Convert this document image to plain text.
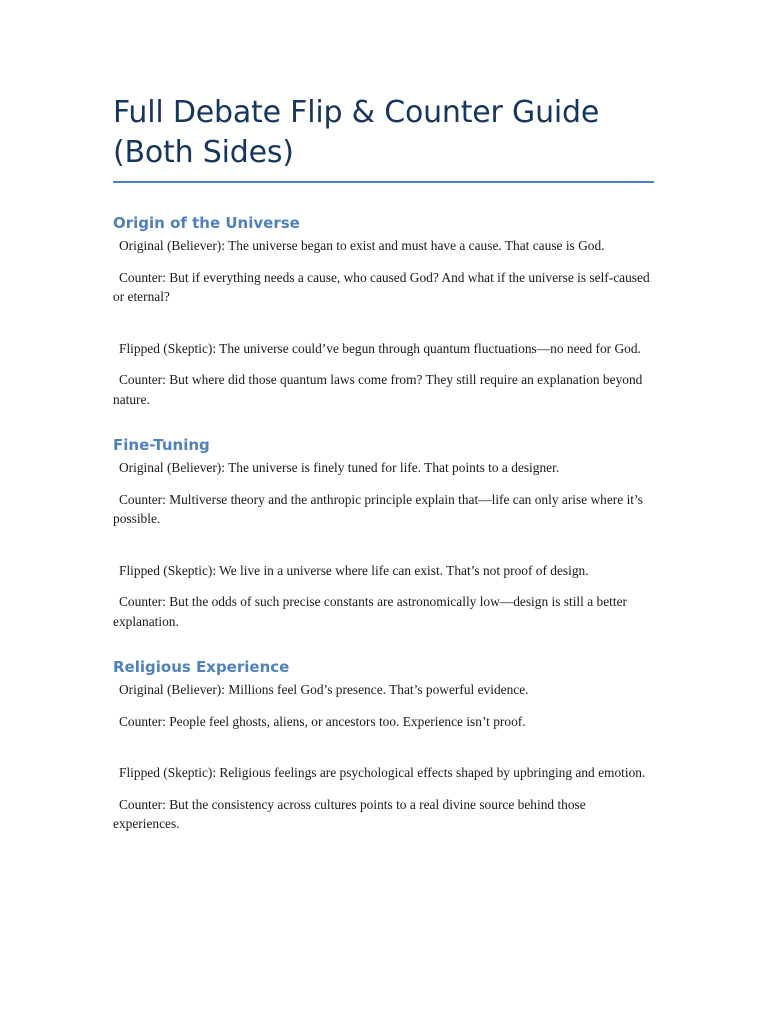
Full Debate Flip & Counter Guide (Both Sides)
Origin of the Universe

Original (Believer): The universe began to exist and must have a cause. That cause is God.

Counter: But if everything needs a cause, who caused God? And what if the universe is self-caused or eternal?

Flipped (Skeptic): The universe could’ve begun through quantum fluctuations—no need for God.

Counter: But where did those quantum laws come from? They still require an explanation beyond nature.

Fine-Tuning

Original (Believer): The universe is finely tuned for life. That points to a designer.

Counter: Multiverse theory and the anthropic principle explain that—life can only arise where it’s possible.

Flipped (Skeptic): We live in a universe where life can exist. That’s not proof of design.

Counter: But the odds of such precise constants are astronomically low—design is still a better explanation.

Religious Experience

Original (Believer): Millions feel God’s presence. That’s powerful evidence.

Counter: People feel ghosts, aliens, or ancestors too. Experience isn’t proof.

Flipped (Skeptic): Religious feelings are psychological effects shaped by upbringing and emotion.

Counter: But the consistency across cultures points to a real divine source behind those experiences.
